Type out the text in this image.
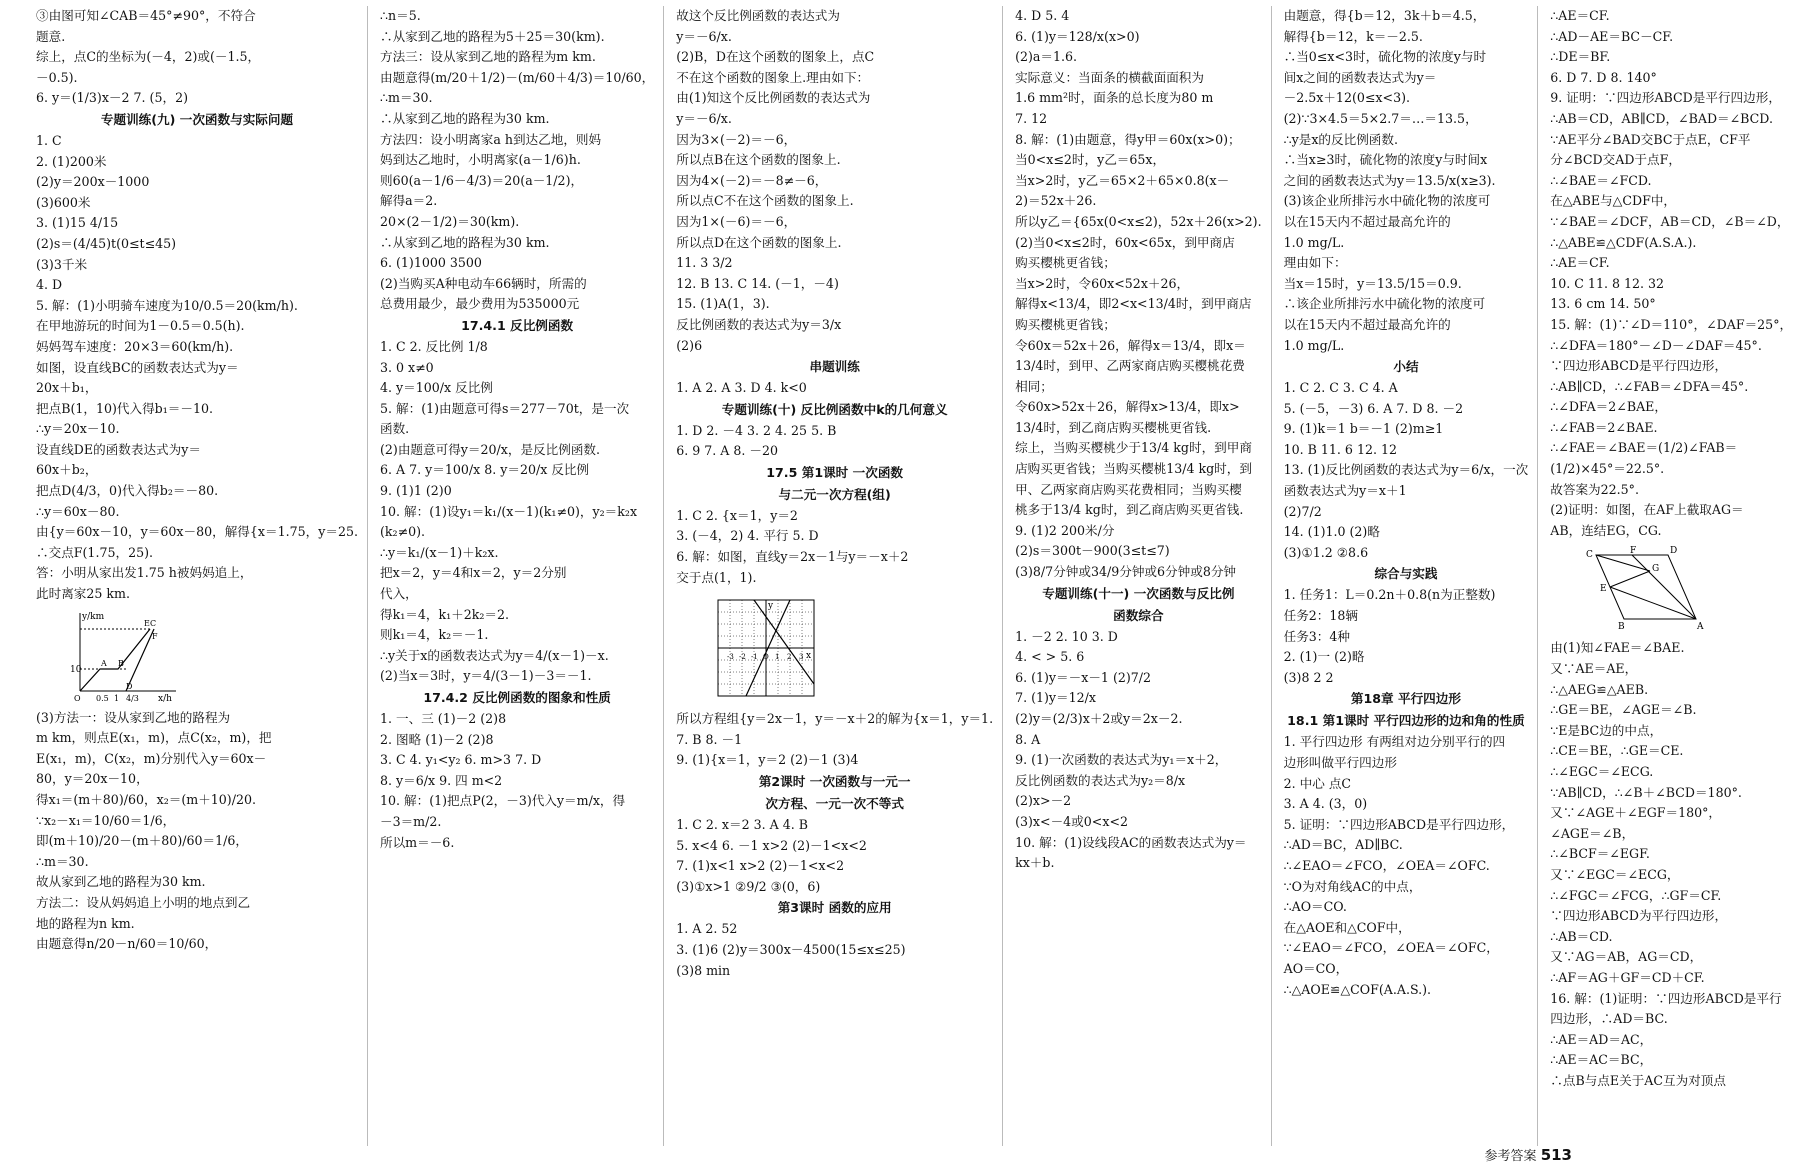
③由图可知∠CAB＝45°≠90°，不符合
题意.
综上，点C的坐标为(－4，2)或(－1.5，
－0.5).
6. y＝(1/3)x－2 7. (5，2)
专题训练(九) 一次函数与实际问题
1. C
2. (1)200米
(2)y＝200x－1000
(3)600米
3. (1)15 4/15
(2)s＝(4/45)t(0≤t≤45)
(3)3千米
4. D
5. 解：(1)小明骑车速度为10/0.5＝20(km/h).
在甲地游玩的时间为1－0.5＝0.5(h).
妈妈驾车速度：20×3＝60(km/h).
如图，设直线BC的函数表达式为y＝
20x＋b₁，
把点B(1，10)代入得b₁＝－10.
∴y＝20x－10.
设直线DE的函数表达式为y＝
60x＋b₂，
把点D(4/3，0)代入得b₂＝－80.
∴y＝60x－80.
由{y＝60x－10，y＝60x－80，解得{x＝1.75，y＝25.
∴交点F(1.75，25).
答：小明从家出发1.75 h被妈妈追上，
此时离家25 km.
y/km
x/h
10
O 0.5 1 4/3
A B
C
D
E
F
(3)方法一：设从家到乙地的路程为
m km，则点E(x₁，m)，点C(x₂，m)，把
E(x₁，m)，C(x₂，m)分别代入y＝60x－
80，y＝20x－10，
得x₁＝(m＋80)/60，x₂＝(m＋10)/20.
∵x₂－x₁＝10/60＝1/6，
即(m＋10)/20－(m＋80)/60＝1/6，
∴m＝30.
故从家到乙地的路程为30 km.
方法二：设从妈妈追上小明的地点到乙
地的路程为n km.
由题意得n/20－n/60＝10/60，
∴n＝5.
∴从家到乙地的路程为5＋25＝30(km).
方法三：设从家到乙地的路程为m km.
由题意得(m/20＋1/2)－(m/60＋4/3)＝10/60，
∴m＝30.
∴从家到乙地的路程为30 km.
方法四：设小明离家a h到达乙地，则妈
妈到达乙地时，小明离家(a－1/6)h.
则60(a－1/6－4/3)＝20(a－1/2)，
解得a＝2.
20×(2－1/2)＝30(km).
∴从家到乙地的路程为30 km.
6. (1)1000 3500
(2)当购买A种电动车66辆时，所需的
总费用最少，最少费用为535000元
17.4.1 反比例函数
1. C 2. 反比例 1/8
3. 0 x≠0
4. y＝100/x 反比例
5. 解：(1)由题意可得s＝277－70t，是一次
函数.
(2)由题意可得y＝20/x，是反比例函数.
6. A 7. y＝100/x 8. y＝20/x 反比例
9. (1)1 (2)0
10. 解：(1)设y₁＝k₁/(x－1)(k₁≠0)，y₂＝k₂x
(k₂≠0).
∴y＝k₁/(x－1)＋k₂x.
把x＝2，y＝4和x＝2，y＝2分别
代入，
得k₁＝4，k₁＋2k₂＝2.
则k₁＝4，k₂＝－1.
∴y关于x的函数表达式为y＝4/(x－1)－x.
(2)当x＝3时，y＝4/(3－1)－3＝－1.
17.4.2 反比例函数的图象和性质
1. 一、三 (1)－2 (2)8
2. 图略 (1)－2 (2)8
3. C 4. y₁<y₂ 6. m>3 7. D
8. y＝6/x 9. 四 m<2
10. 解：(1)把点P(2，－3)代入y＝m/x，得
－3＝m/2.
所以m＝－6.
故这个反比例函数的表达式为
y＝－6/x.
(2)B，D在这个函数的图象上，点C
不在这个函数的图象上.理由如下：
由(1)知这个反比例函数的表达式为
y＝－6/x.
因为3×(－2)＝－6，
所以点B在这个函数的图象上.
因为4×(－2)＝－8≠－6，
所以点C不在这个函数的图象上.
因为1×(－6)＝－6，
所以点D在这个函数的图象上.
11. 3 3/2
12. B 13. C 14. (－1，－4)
15. (1)A(1，3).
反比例函数的表达式为y＝3/x
(2)6
串题训练
1. A 2. A 3. D 4. k<0
专题训练(十) 反比例函数中k的几何意义
1. D 2. －4 3. 2 4. 25 5. B
6. 9 7. A 8. －20
17.5 第1课时 一次函数
与二元一次方程(组)
1. C 2. {x＝1，y＝2
3. (－4，2) 4. 平行 5. D
6. 解：如图，直线y＝2x－1与y＝－x＋2
交于点(1，1).
y
x
-3 -2 -1 O 1 2 3
所以方程组{y＝2x－1，y＝－x＋2的解为{x＝1，y＝1.
7. B 8. －1
9. (1){x＝1，y＝2 (2)－1 (3)4
第2课时 一次函数与一元一
次方程、一元一次不等式
1. C 2. x＝2 3. A 4. B
5. x<4 6. －1 x>2 (2)－1<x<2
7. (1)x<1 x>2 (2)－1<x<2
(3)①x>1 ②9/2 ③(0，6)
第3课时 函数的应用
1. A 2. 52
3. (1)6 (2)y＝300x－4500(15≤x≤25)
(3)8 min
4. D 5. 4
6. (1)y＝128/x(x>0)
(2)a＝1.6.
实际意义：当面条的横截面面积为
1.6 mm²时，面条的总长度为80 m
7. 12
8. 解：(1)由题意，得y甲＝60x(x>0)；
当0<x≤2时，y乙＝65x，
当x>2时，y乙＝65×2＋65×0.8(x－
2)＝52x＋26.
所以y乙＝{65x(0<x≤2)，52x＋26(x>2).
(2)当0<x≤2时，60x<65x，到甲商店
购买樱桃更省钱；
当x>2时，令60x<52x＋26，
解得x<13/4，即2<x<13/4时，到甲商店
购买樱桃更省钱；
令60x＝52x＋26，解得x＝13/4，即x＝
13/4时，到甲、乙两家商店购买樱桃花费
相同；
令60x>52x＋26，解得x>13/4，即x>
13/4时，到乙商店购买樱桃更省钱.
综上，当购买樱桃少于13/4 kg时，到甲商
店购买更省钱；当购买樱桃13/4 kg时，到
甲、乙两家商店购买花费相同；当购买樱
桃多于13/4 kg时，到乙商店购买更省钱.
9. (1)2 200米/分
(2)s＝300t－900(3≤t≤7)
(3)8/7分钟或34/9分钟或6分钟或8分钟
专题训练(十一) 一次函数与反比例
函数综合
1. －2 2. 10 3. D
4. < > 5. 6
6. (1)y＝－x－1 (2)7/2
7. (1)y＝12/x
(2)y＝(2/3)x＋2或y＝2x－2.
8. A
9. (1)一次函数的表达式为y₁＝x＋2，
反比例函数的表达式为y₂＝8/x
(2)x>－2
(3)x<－4或0<x<2
10. 解：(1)设线段AC的函数表达式为y＝
kx＋b.
由题意，得{b＝12，3k＋b＝4.5，
解得{b＝12，k＝－2.5.
∴当0≤x<3时，硫化物的浓度y与时
间x之间的函数表达式为y＝
－2.5x＋12(0≤x<3).
(2)∵3×4.5＝5×2.7＝…＝13.5，
∴y是x的反比例函数.
∴当x≥3时，硫化物的浓度y与时间x
之间的函数表达式为y＝13.5/x(x≥3).
(3)该企业所排污水中硫化物的浓度可
以在15天内不超过最高允许的
1.0 mg/L.
理由如下：
当x＝15时，y＝13.5/15＝0.9.
∴该企业所排污水中硫化物的浓度可
以在15天内不超过最高允许的
1.0 mg/L.
小结
1. C 2. C 3. C 4. A
5. (－5，－3) 6. A 7. D 8. －2
9. (1)k＝1 b＝－1 (2)m≥1
10. B 11. 6 12. 12
13. (1)反比例函数的表达式为y＝6/x，一次
函数表达式为y＝x＋1
(2)7/2
14. (1)1.0 (2)略
(3)①1.2 ②8.6
综合与实践
1. 任务1：L＝0.2n＋0.8(n为正整数)
任务2：18辆
任务3：4种
2. (1)一 (2)略
(3)8 2 2
第18章 平行四边形
18.1 第1课时 平行四边形的边和角的性质
1. 平行四边形 有两组对边分别平行的四
边形叫做平行四边形
2. 中心 点C
3. A 4. (3，0)
5. 证明：∵四边形ABCD是平行四边形，
∴AD＝BC，AD∥BC.
∴∠EAO＝∠FCO，∠OEA＝∠OFC.
∵O为对角线AC的中点，
∴AO＝CO.
在△AOE和△COF中，
∵∠EAO＝∠FCO，∠OEA＝∠OFC，
AO＝CO，
∴△AOE≌△COF(A.A.S.).
∴AE＝CF.
∴AD－AE＝BC－CF.
∴DE＝BF.
6. D 7. D 8. 140°
9. 证明：∵四边形ABCD是平行四边形，
∴AB＝CD，AB∥CD，∠BAD＝∠BCD.
∵AE平分∠BAD交BC于点E，CF平
分∠BCD交AD于点F，
∴∠BAE＝∠FCD.
在△ABE与△CDF中，
∵∠BAE＝∠DCF，AB＝CD，∠B＝∠D，
∴△ABE≌△CDF(A.S.A.).
∴AE＝CF.
10. C 11. 8 12. 32
13. 6 cm 14. 50°
15. 解：(1)∵∠D＝110°，∠DAF＝25°，
∴∠DFA＝180°－∠D－∠DAF＝45°.
∵四边形ABCD是平行四边形，
∴AB∥CD，∴∠FAB＝∠DFA＝45°.
∴∠DFA＝2∠BAE，
∴∠FAB＝2∠BAE.
∴∠FAE＝∠BAE＝(1/2)∠FAB＝
(1/2)×45°＝22.5°.
故答案为22.5°.
(2)证明：如图，在AF上截取AG＝
AB，连结EG，CG.
A
B
C	D
E
F
G
由(1)知∠FAE＝∠BAE.
又∵AE＝AE，
∴△AEG≌△AEB.
∴GE＝BE，∠AGE＝∠B.
∵E是BC边的中点，
∴CE＝BE，∴GE＝CE.
∴∠EGC＝∠ECG.
∵AB∥CD，∴∠B＋∠BCD＝180°.
又∵∠AGE＋∠EGF＝180°，
∠AGE＝∠B，
∴∠BCF＝∠EGF.
又∵∠EGC＝∠ECG，
∴∠FGC＝∠FCG，∴GF＝CF.
∵四边形ABCD为平行四边形，
∴AB＝CD.
又∵AG＝AB，AG＝CD，
∴AF＝AG＋GF＝CD＋CF.
16. 解：(1)证明：∵四边形ABCD是平行
四边形，∴AD＝BC.
∴AE＝AD＝AC，
∴AE＝AC＝BC，
∴点B与点E关于AC互为对顶点
参考答案 513
